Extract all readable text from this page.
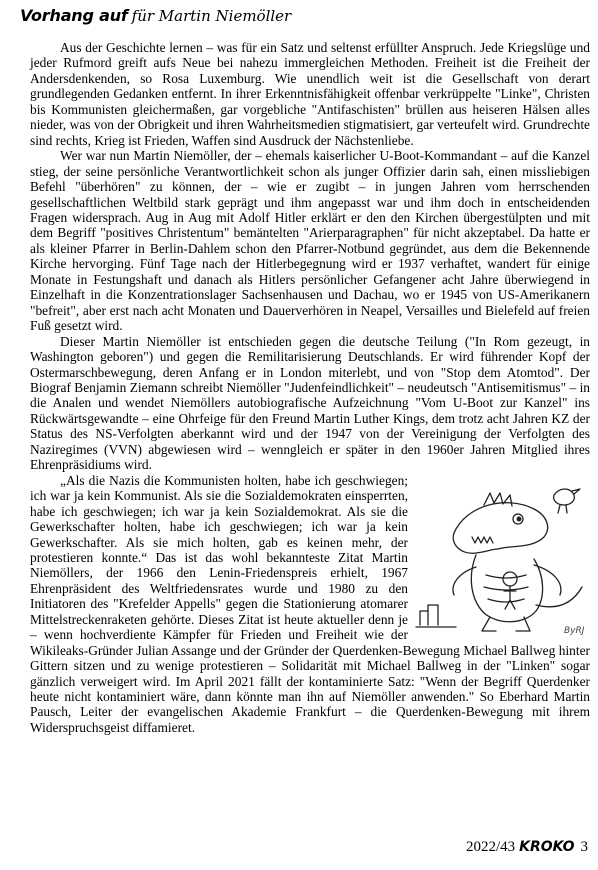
Vorhang auf für Martin Niemöller

Aus der Geschichte lernen – was für ein Satz und seltenst erfüllter Anspruch. Jede Kriegslüge und jeder Rufmord greift aufs Neue bei nahezu immergleichen Methoden. Freiheit ist die Freiheit der Andersdenkenden, so Rosa Luxemburg. Wie unendlich weit ist die Gesellschaft von derart grundlegenden Gedanken entfernt. In ihrer Erkenntnisfähigkeit offenbar verkrüppelte "Linke", Christen bis Kommunisten gleichermaßen, gar vorgebliche "Antifaschisten" brüllen aus heiseren Hälsen alles nieder, was von der Obrigkeit und ihren Wahrheitsmedien stigmatisiert, gar verteufelt wird. Grundrechte sind rechts, Krieg ist Frieden, Waffen sind Ausdruck der Nächstenliebe.

Wer war nun Martin Niemöller, der – ehemals kaiserlicher U-Boot-Kommandant – auf die Kanzel stieg, der seine persönliche Verantwortlichkeit schon als junger Offizier darin sah, einen missliebigen Befehl "überhören" zu können, der – wie er zugibt – in jungen Jahren vom herrschenden gesellschaftlichen Weltbild stark geprägt und ihm angepasst war und ihm doch in entscheidenden Fragen widersprach. Aug in Aug mit Adolf Hitler erklärt er den den Kirchen übergestülpten und mit dem Begriff "positives Christentum" bemäntelten "Arierparagraphen" für nicht akzeptabel. Da hatte er als kleiner Pfarrer in Berlin-Dahlem schon den Pfarrer-Notbund gegründet, aus dem die Bekennende Kirche hervorging. Fünf Tage nach der Hitlerbegegnung wird er 1937 verhaftet, wandert für einige Monate in Festungshaft und danach als Hitlers persönlicher Gefangener acht Jahre überwiegend in Einzelhaft in die Konzentrationslager Sachsenhausen und Dachau, wo er 1945 von US-Amerikanern "befreit", aber erst nach acht Monaten und Dauerverhören in Neapel, Versailles und Bielefeld auf freien Fuß gesetzt wird.

Dieser Martin Niemöller ist entschieden gegen die deutsche Teilung ("In Rom gezeugt, in Washington geboren") und gegen die Remilitarisierung Deutschlands. Er wird führender Kopf der Ostermarschbewegung, deren Anfang er in London miterlebt, und von "Stop dem Atomtod". Der Biograf Benjamin Ziemann schreibt Niemöller "Judenfeindlichkeit" – neudeutsch "Antisemitismus" – in die Analen und wendet Niemöllers autobiografische Aufzeichnung "Vom U-Boot zur Kanzel" ins Rückwärtsgewandte – eine Ohrfeige für den Freund Martin Luther Kings, dem trotz acht Jahren KZ der Status des NS-Verfolgten aberkannt wird und der 1947 von der Vereinigung der Verfolgten des Naziregimes (VVN) abgewiesen wird – wenngleich er später in den 1960er Jahren Mitglied ihres Ehrenpräsidiums wird.

ByRJ

„Als die Nazis die Kommunisten holten, habe ich geschwiegen; ich war ja kein Kommunist. Als sie die Sozialdemokraten einsperrten, habe ich geschwiegen; ich war ja kein Sozialdemokrat. Als sie die Gewerkschafter holten, habe ich geschwiegen; ich war ja kein Gewerkschafter. Als sie mich holten, gab es keinen mehr, der protestieren konnte.“ Das ist das wohl bekannteste Zitat Martin Niemöllers, der 1966 den Lenin-Friedenspreis erhielt, 1967 Ehrenpräsident des Weltfriedensrates wurde und 1980 zu den Initiatoren des "Krefelder Appells" gegen die Stationierung atomarer Mittelstreckenraketen gehörte. Dieses Zitat ist heute aktueller denn je – wenn hochverdiente Kämpfer für Frieden und Freiheit wie der Wikileaks-Gründer Julian Assange und der Gründer der Querdenken-Bewegung Michael Ballweg hinter Gittern sitzen und zu wenige protestieren – Solidarität mit Michael Ballweg in der "Linken" sogar gänzlich verweigert wird. Im April 2021 fällt der kontaminierte Satz: "Wenn der Begriff Querdenker heute nicht kontaminiert wäre, dann könnte man ihn auf Niemöller anwenden." So Eberhard Martin Pausch, Leiter der evangelischen Akademie Frankfurt – die Querdenken-Bewegung mit ihrem Widerspruchsgeist diffamieret.

2022/43 KROKO 3
